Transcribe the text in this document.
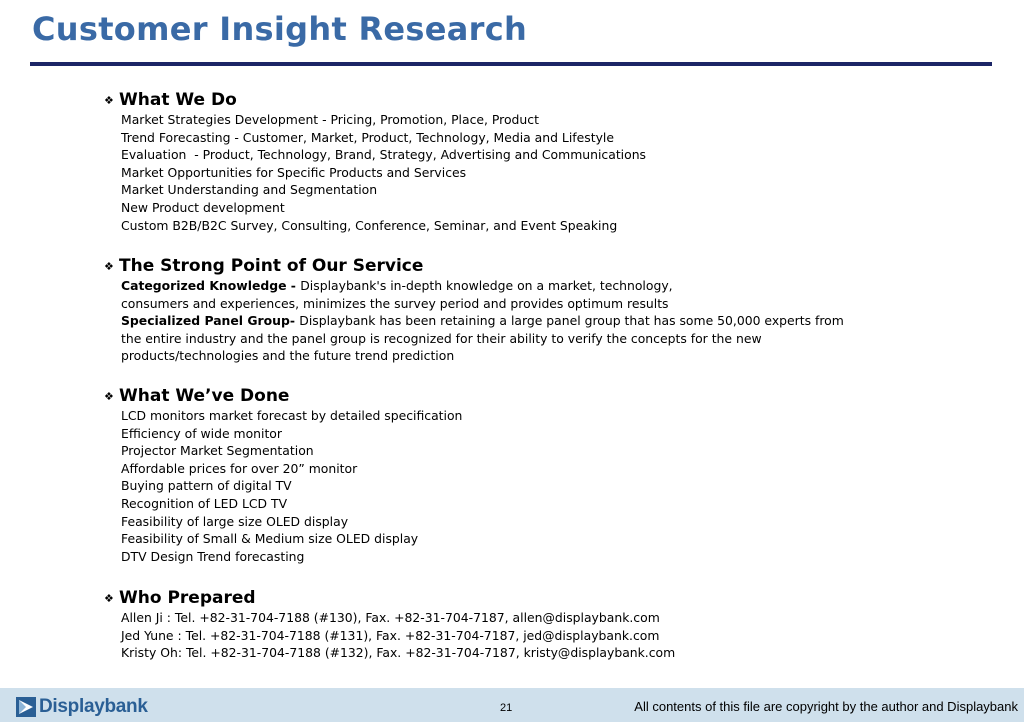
Customer Insight Research
❖ What We Do
Market Strategies Development - Pricing, Promotion, Place, Product
Trend Forecasting - Customer, Market, Product, Technology, Media and Lifestyle
Evaluation  - Product, Technology, Brand, Strategy, Advertising and Communications
Market Opportunities for Specific Products and Services
Market Understanding and Segmentation
New Product development
Custom B2B/B2C Survey, Consulting, Conference, Seminar, and Event Speaking
❖ The Strong Point of Our Service
Categorized Knowledge - Displaybank's in-depth knowledge on a market, technology,
consumers and experiences, minimizes the survey period and provides optimum results
Specialized Panel Group- Displaybank has been retaining a large panel group that has some 50,000 experts from
the entire industry and the panel group is recognized for their ability to verify the concepts for the new
products/technologies and the future trend prediction
❖ What We’ve Done
LCD monitors market forecast by detailed specification
Efficiency of wide monitor
Projector Market Segmentation
Affordable prices for over 20” monitor
Buying pattern of digital TV
Recognition of LED LCD TV
Feasibility of large size OLED display
Feasibility of Small & Medium size OLED display
DTV Design Trend forecasting
❖ Who Prepared
Allen Ji : Tel. +82-31-704-7188 (#130), Fax. +82-31-704-7187, allen@displaybank.com
Jed Yune : Tel. +82-31-704-7188 (#131), Fax. +82-31-704-7187, jed@displaybank.com
Kristy Oh: Tel. +82-31-704-7188 (#132), Fax. +82-31-704-7187, kristy@displaybank.com
Displaybank	21	All contents of this file are copyright by the author and Displaybank
